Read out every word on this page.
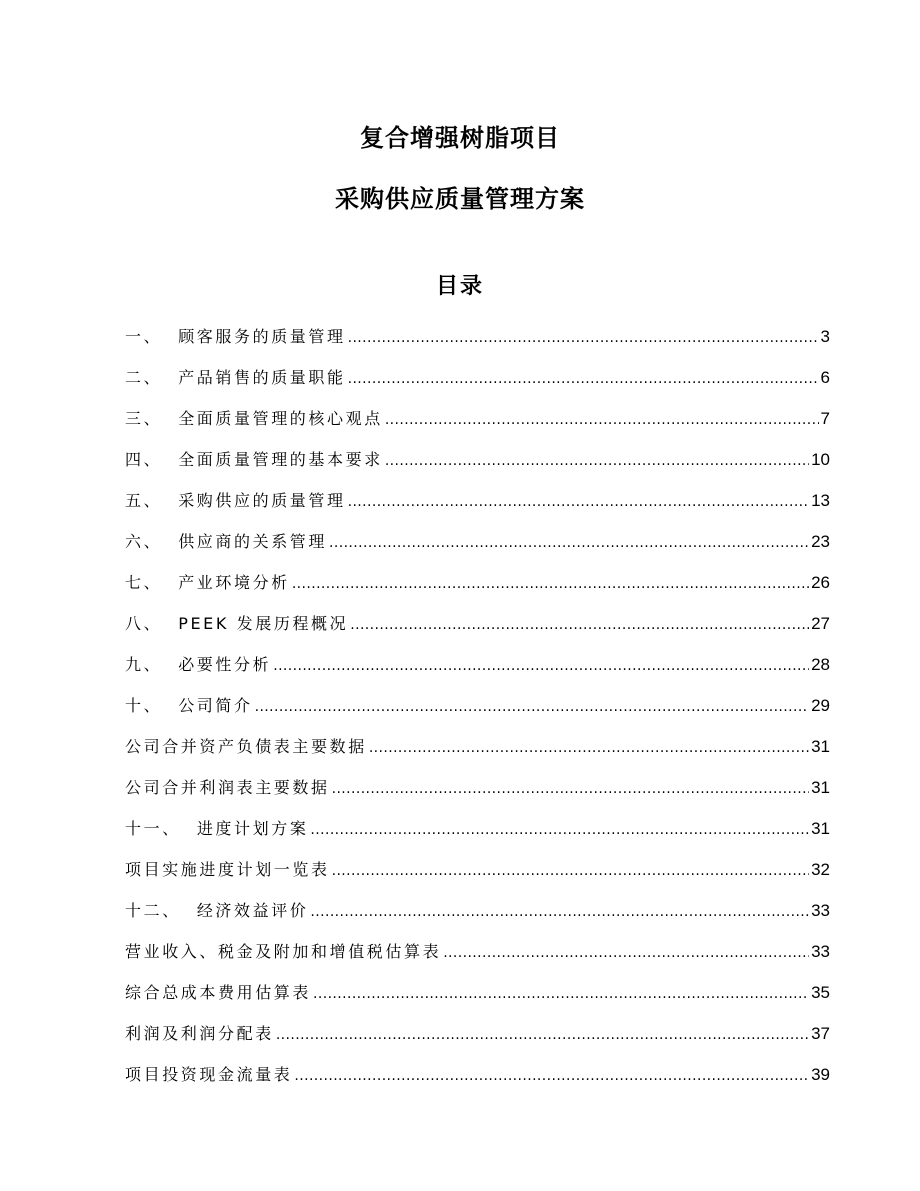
复合增强树脂项目
采购供应质量管理方案
目录
一、 顾客服务的质量管理 .....	3
二、 产品销售的质量职能 .....	6
三、 全面质量管理的核心观点 .....	7
四、 全面质量管理的基本要求 .....	10
五、 采购供应的质量管理 .....	13
六、 供应商的关系管理 .....	23
七、 产业环境分析 .....	26
八、 PEEK 发展历程概况 .....	27
九、 必要性分析 .....	28
十、 公司简介 .....	29
公司合并资产负债表主要数据 .....	31
公司合并利润表主要数据 .....	31
十一、 进度计划方案 .....	31
项目实施进度计划一览表 .....	32
十二、 经济效益评价 .....	33
营业收入、税金及附加和增值税估算表 .....	33
综合总成本费用估算表 .....	35
利润及利润分配表 .....	37
项目投资现金流量表 .....	39
